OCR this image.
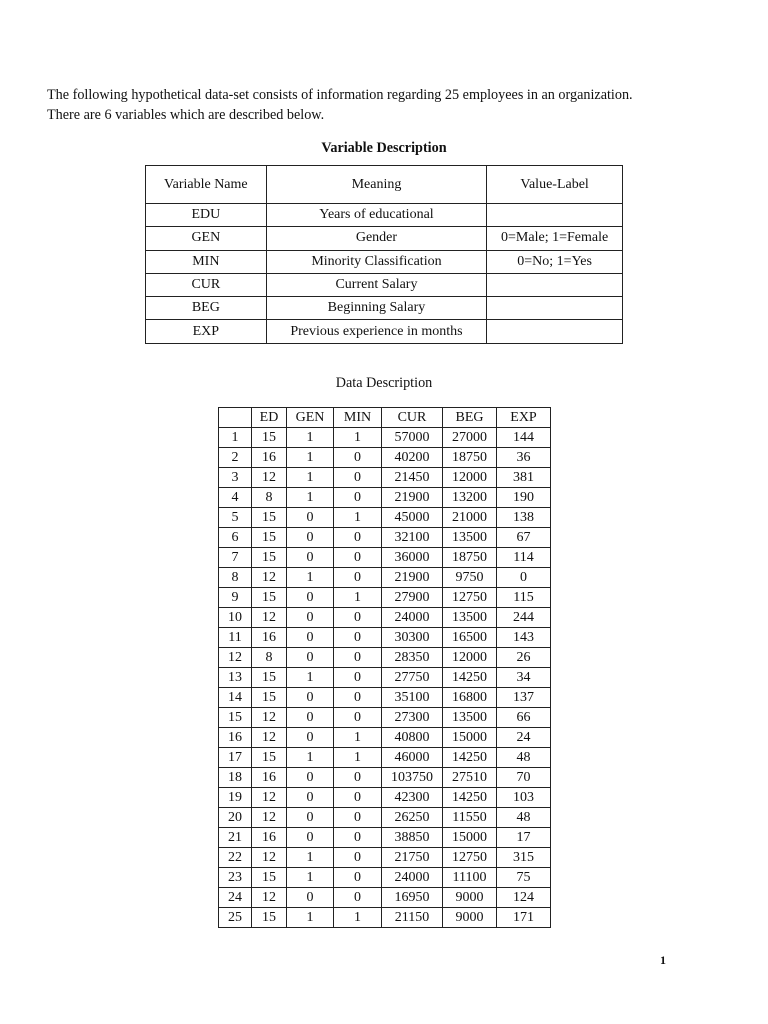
The following hypothetical data-set consists of information regarding 25 employees in an organization.

There are 6 variables which are described below.

Variable Description
Variable Name	Meaning	Value-Label
EDU	Years of educational	
GEN	Gender	0=Male; 1=Female
MIN	Minority Classification	0=No; 1=Yes
CUR	Current Salary	
BEG	Beginning Salary	
EXP	Previous experience in months	

Data Description

	ED	GEN	MIN	CUR	BEG	EXP
1	15	1	1	57000	27000	144
2	16	1	0	40200	18750	36
3	12	1	0	21450	12000	381
4	8	1	0	21900	13200	190
5	15	0	1	45000	21000	138
6	15	0	0	32100	13500	67
7	15	0	0	36000	18750	114
8	12	1	0	21900	9750	0
9	15	0	1	27900	12750	115
10	12	0	0	24000	13500	244
11	16	0	0	30300	16500	143
12	8	0	0	28350	12000	26
13	15	1	0	27750	14250	34
14	15	0	0	35100	16800	137
15	12	0	0	27300	13500	66
16	12	0	1	40800	15000	24
17	15	1	1	46000	14250	48
18	16	0	0	103750	27510	70
19	12	0	0	42300	14250	103
20	12	0	0	26250	11550	48
21	16	0	0	38850	15000	17
22	12	1	0	21750	12750	315
23	15	1	0	24000	11100	75
24	12	0	0	16950	9000	124
25	15	1	1	21150	9000	171
1
